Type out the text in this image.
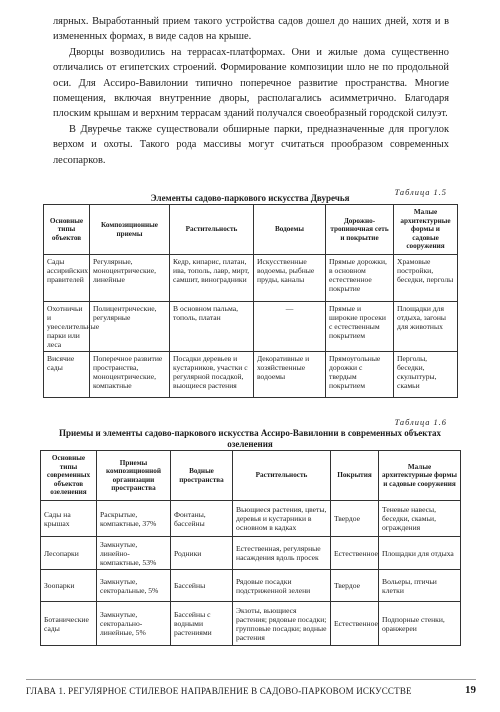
лярных. Выработанный прием такого устройства садов дошел до наших дней, хотя и в измененных формах, в виде садов на крыше.

Дворцы возводились на террасах-платформах. Они и жилые дома существенно отличались от египетских строений. Формирование композиции шло не по продольной оси. Для Ассиро-Вавилонии типично поперечное развитие пространства. Многие помещения, включая внутренние дворы, располагались асимметрично. Благодаря плоским крышам и верхним террасам зданий получался своеобразный городской силуэт.

В Двуречье также существовали обширные парки, предназначенные для прогулок верхом и охоты. Такого рода массивы могут считаться прообразом современных лесопарков.

Таблица 1.5
Элементы садово-паркового искусства Двуречья
Основные типы объектов	Композиционные приемы	Растительность	Водоемы	Дорожно-тропиночная сеть и покрытие	Малые архитектурные формы и садовые сооружения
Сады ассирийских правителей	Регулярные, моноцентрические, линейные	Кедр, кипарис, платан, ива, тополь, лавр, мирт, самшит, виноградники	Искусственные водоемы, рыбные пруды, каналы	Прямые дорожки, в основном естественное покрытие	Храмовые постройки, беседки, перголы
Охотничьи и увеселительные парки или леса	Полицентрические, регулярные	В основном пальма, тополь, платан	—	Прямые и широкие просеки с естественным покрытием	Площадки для отдыха, загоны для животных
Висячие сады	Поперечное развитие пространства, моноцентрические, компактные	Посадки деревьев и кустарников, участки с регулярной посадкой, вьющиеся растения	Декоративные и хозяйственные водоемы	Прямоугольные дорожки с твердым покрытием	Перголы, беседки, скульптуры, скамьи
Таблица 1.6
Приемы и элементы садово-паркового искусства Ассиро-Вавилонии в современных объектах озеленения
Основные типы современных объектов озеленения	Приемы композиционной организации пространства	Водные пространства	Растительность	Покрытия	Малые архитектурные формы и садовые сооружения
Сады на крышах	Раскрытые, компактные, 37%	Фонтаны, бассейны	Вьющиеся растения, цветы, деревья и кустарники в основном в кадках	Твердое	Теневые навесы, беседки, скамьи, ограждения
Лесопарки	Замкнутые, линейно-компактные, 53%	Родники	Естественная, регулярные насаждения вдоль просек	Естественное	Площадки для отдыха
Зоопарки	Замкнутые, секторальные, 5%	Бассейны	Рядовые посадки подстриженной зелени	Твердое	Вольеры, птичьи клетки
Ботанические сады	Замкнутые, секторально-линейные, 5%	Бассейны с водными растениями	Экзоты, вьющиеся растения; рядовые посадки; групповые посадки; водные растения	Естественное	Подпорные стенки, оранжереи
ГЛАВА 1. РЕГУЛЯРНОЕ СТИЛЕВОЕ НАПРАВЛЕНИЕ В САДОВО-ПАРКОВОМ ИСКУССТВЕ	19
